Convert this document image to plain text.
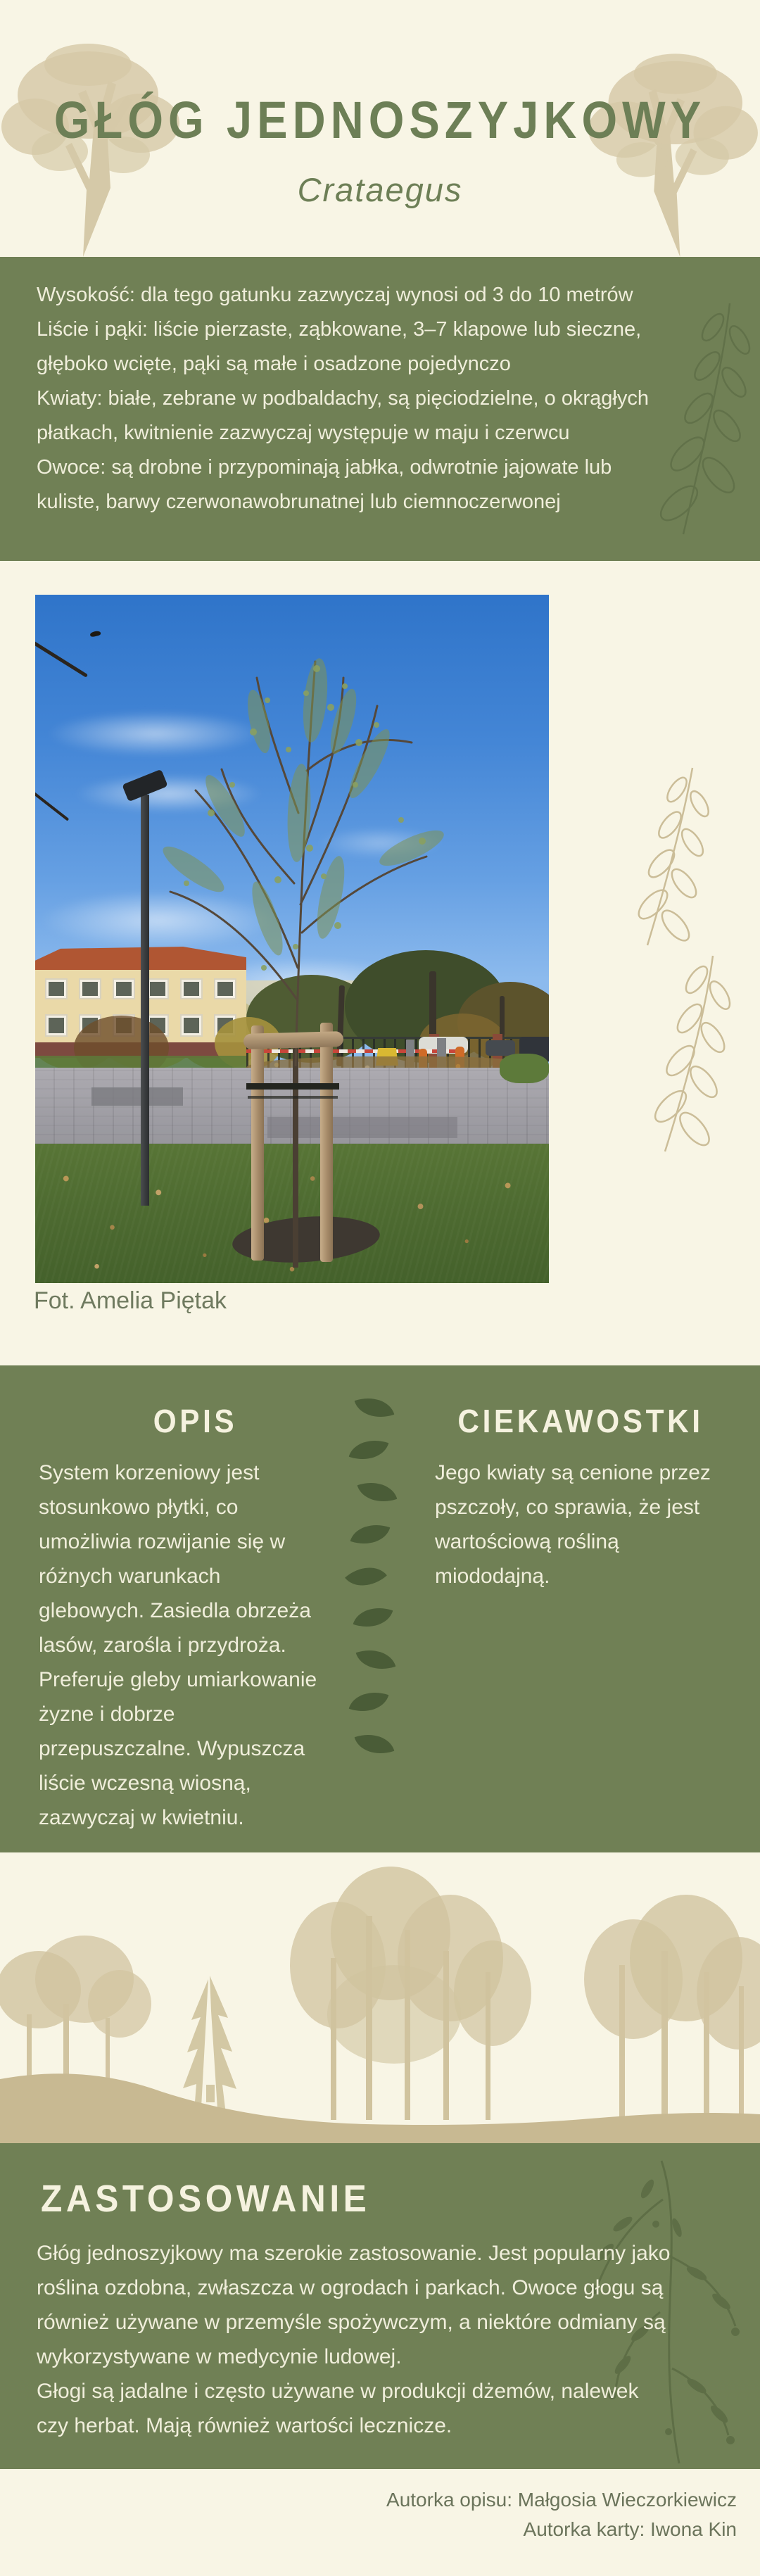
GŁÓG JEDNOSZYJKOWY

Crataegus

Wysokość: dla tego gatunku zazwyczaj wynosi od 3 do 10 metrów
Liście i pąki: liście pierzaste, ząbkowane, 3–7 klapowe lub sieczne,
głęboko wcięte, pąki są małe i osadzone pojedynczo
Kwiaty: białe, zebrane w podbaldachy, są pięciodzielne, o okrągłych
płatkach, kwitnienie zazwyczaj występuje w maju i czerwcu
Owoce: są drobne i przypominają jabłka, odwrotnie jajowate lub
kuliste, barwy czerwonawobrunatnej lub ciemnoczerwonej
Fot. Amelia Piętak
OPIS	CIEKAWOSTKI
System korzeniowy jest
stosunkowo płytki, co
umożliwia rozwijanie się w
różnych warunkach
glebowych. Zasiedla obrzeża
lasów, zarośla i przydroża.
Preferuje gleby umiarkowanie
żyzne i dobrze
przepuszczalne. Wypuszcza
liście wczesną wiosną,
zazwyczaj w kwietniu.
Jego kwiaty są cenione przez
pszczoły, co sprawia, że jest
wartościową rośliną
miododajną.
ZASTOSOWANIE
Głóg jednoszyjkowy ma szerokie zastosowanie. Jest popularny jako
roślina ozdobna, zwłaszcza w ogrodach i parkach. Owoce głogu są
również używane w przemyśle spożywczym, a niektóre odmiany są
wykorzystywane w medycynie ludowej.
Głogi są jadalne i często używane w produkcji dżemów, nalewek
czy herbat. Mają również wartości lecznicze.
Autorka opisu: Małgosia Wieczorkiewicz
Autorka karty: Iwona Kin
